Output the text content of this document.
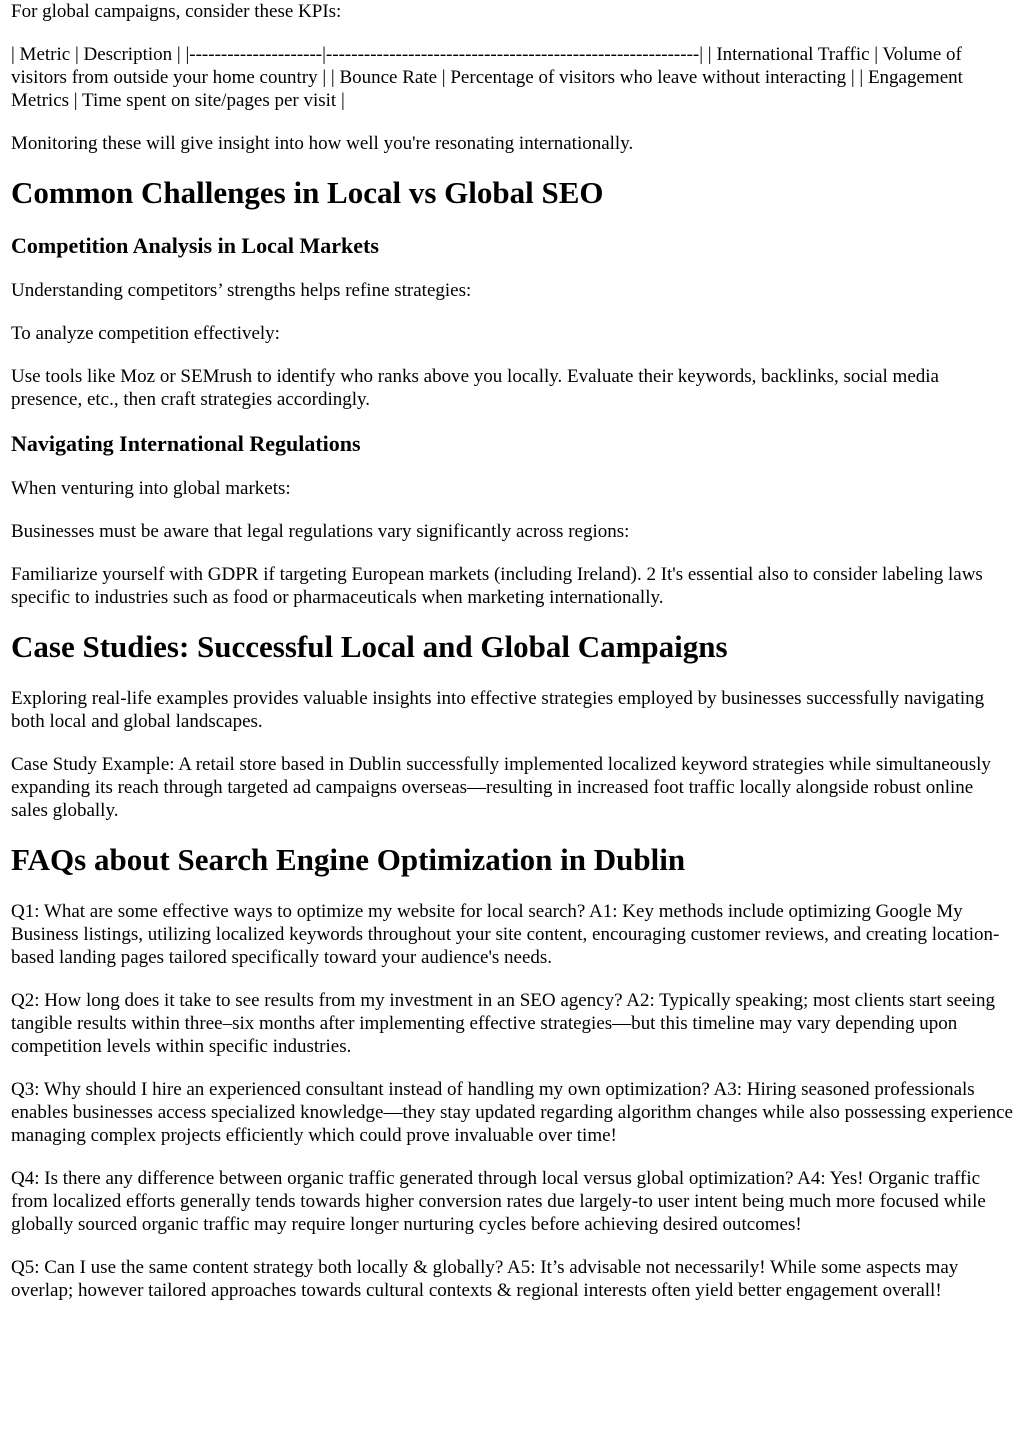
For global campaigns, consider these KPIs:

| Metric | Description | |---------------------|-----------------------------------------------------------| | International Traffic | Volume of visitors from outside your home country | | Bounce Rate | Percentage of visitors who leave without interacting | | Engagement Metrics | Time spent on site/pages per visit |

Monitoring these will give insight into how well you're resonating internationally.

Common Challenges in Local vs Global SEO
Competition Analysis in Local Markets

Understanding competitors’ strengths helps refine strategies:

To analyze competition effectively:

Use tools like Moz or SEMrush to identify who ranks above you locally. Evaluate their keywords, backlinks, social media presence, etc., then craft strategies accordingly.

Navigating International Regulations

When venturing into global markets:

Businesses must be aware that legal regulations vary significantly across regions:

Familiarize yourself with GDPR if targeting European markets (including Ireland). 2 It's essential also to consider labeling laws specific to industries such as food or pharmaceuticals when marketing internationally.

Case Studies: Successful Local and Global Campaigns

Exploring real-life examples provides valuable insights into effective strategies employed by businesses successfully navigating both local and global landscapes.

Case Study Example: A retail store based in Dublin successfully implemented localized keyword strategies while simultaneously expanding its reach through targeted ad campaigns overseas—resulting in increased foot traffic locally alongside robust online sales globally.

FAQs about Search Engine Optimization in Dublin

Q1: What are some effective ways to optimize my website for local search? A1: Key methods include optimizing Google My Business listings, utilizing localized keywords throughout your site content, encouraging customer reviews, and creating location-based landing pages tailored specifically toward your audience's needs.

Q2: How long does it take to see results from my investment in an SEO agency? A2: Typically speaking; most clients start seeing tangible results within three–six months after implementing effective strategies—but this timeline may vary depending upon competition levels within specific industries.

Q3: Why should I hire an experienced consultant instead of handling my own optimization? A3: Hiring seasoned professionals enables businesses access specialized knowledge—they stay updated regarding algorithm changes while also possessing experience managing complex projects efficiently which could prove invaluable over time!

Q4: Is there any difference between organic traffic generated through local versus global optimization? A4: Yes! Organic traffic from localized efforts generally tends towards higher conversion rates due largely-to user intent being much more focused while globally sourced organic traffic may require longer nurturing cycles before achieving desired outcomes!

Q5: Can I use the same content strategy both locally & globally? A5: It’s advisable not necessarily! While some aspects may overlap; however tailored approaches towards cultural contexts & regional interests often yield better engagement overall!
